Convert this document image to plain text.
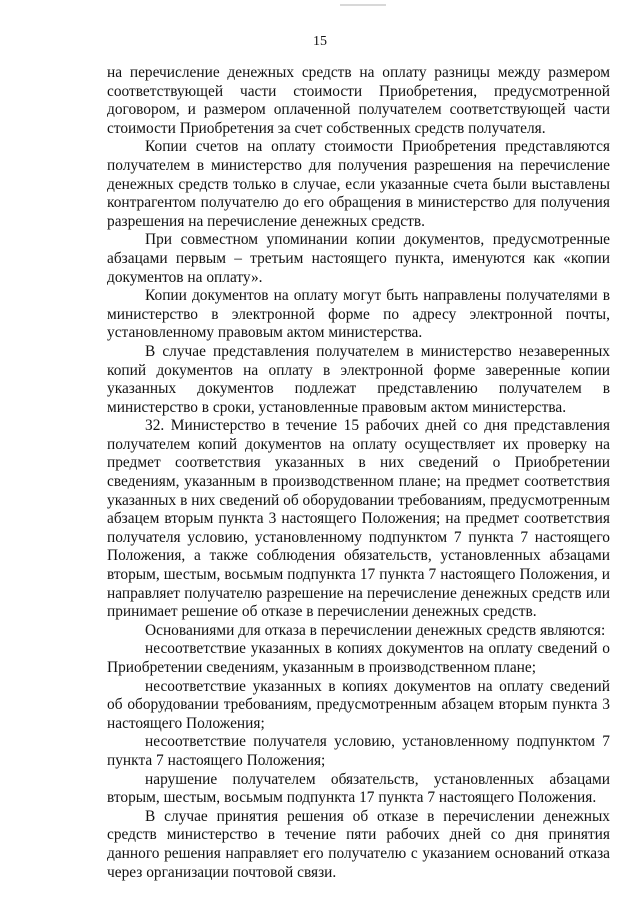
15

на перечисление денежных средств на оплату разницы между размером соответствующей части стоимости Приобретения, предусмотренной договором, и размером оплаченной получателем соответствующей части стоимости Приобретения за счет собственных средств получателя.

Копии счетов на оплату стоимости Приобретения представляются получателем в министерство для получения разрешения на перечисление денежных средств только в случае, если указанные счета были выставлены контрагентом получателю до его обращения в министерство для получения разрешения на перечисление денежных средств.

При совместном упоминании копии документов, предусмотренные абзацами первым – третьим настоящего пункта, именуются как «копии документов на оплату».

Копии документов на оплату могут быть направлены получателями в министерство в электронной форме по адресу электронной почты, установленному правовым актом министерства.

В случае представления получателем в министерство незаверенных копий документов на оплату в электронной форме заверенные копии указанных документов подлежат представлению получателем в министерство в сроки, установленные правовым актом министерства.

32. Министерство в течение 15 рабочих дней со дня представления получателем копий документов на оплату осуществляет их проверку на предмет соответствия указанных в них сведений о Приобретении сведениям, указанным в производственном плане; на предмет соответствия указанных в них сведений об оборудовании требованиям, предусмотренным абзацем вторым пункта 3 настоящего Положения; на предмет соответствия получателя условию, установленному подпунктом 7 пункта 7 настоящего Положения, а также соблюдения обязательств, установленных абзацами вторым, шестым, восьмым подпункта 17 пункта 7 настоящего Положения, и направляет получателю разрешение на перечисление денежных средств или принимает решение об отказе в перечислении денежных средств.

Основаниями для отказа в перечислении денежных средств являются:

несоответствие указанных в копиях документов на оплату сведений о Приобретении сведениям, указанным в производственном плане;

несоответствие указанных в копиях документов на оплату сведений об оборудовании требованиям, предусмотренным абзацем вторым пункта 3 настоящего Положения;

несоответствие получателя условию, установленному подпунктом 7 пункта 7 настоящего Положения;

нарушение получателем обязательств, установленных абзацами вторым, шестым, восьмым подпункта 17 пункта 7 настоящего Положения.

В случае принятия решения об отказе в перечислении денежных средств министерство в течение пяти рабочих дней со дня принятия данного решения направляет его получателю с указанием оснований отказа через организации почтовой связи.
